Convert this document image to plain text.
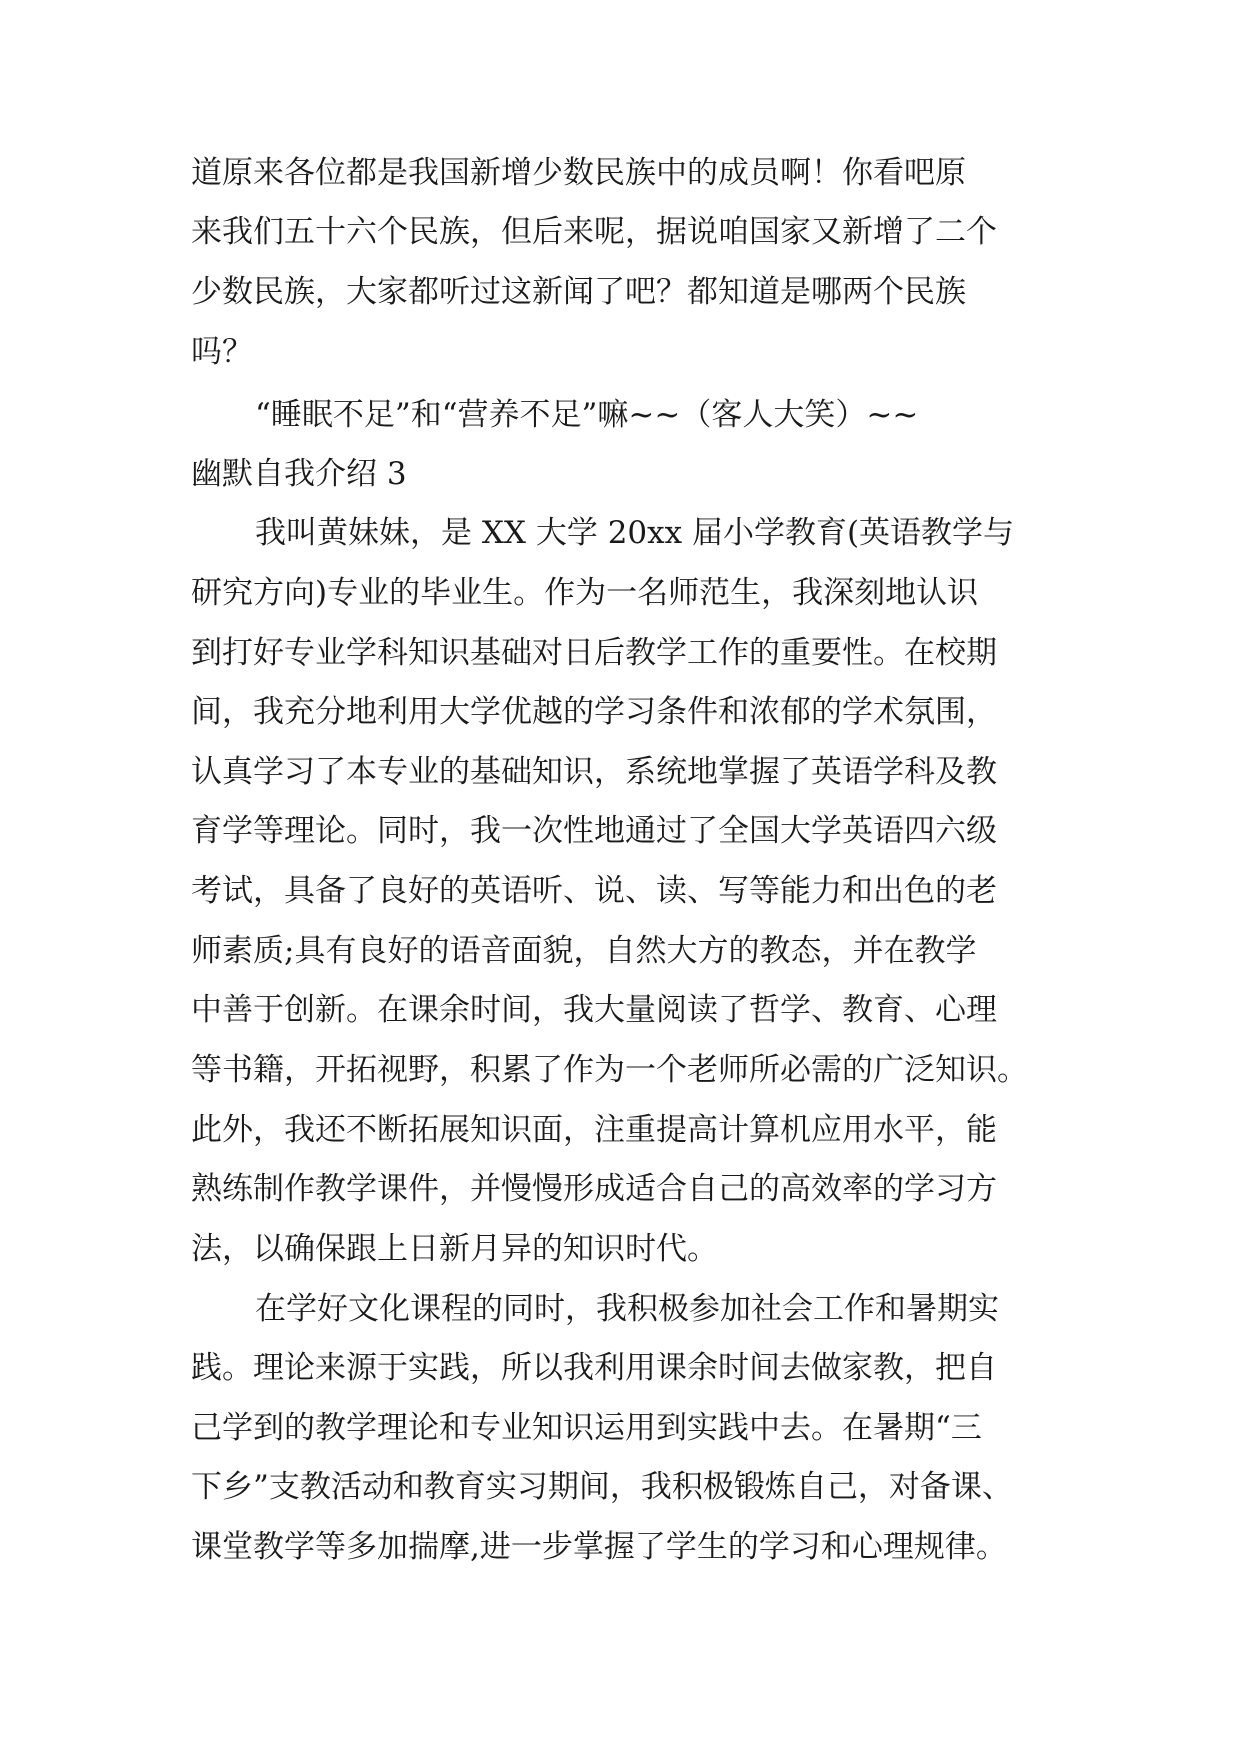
道原来各位都是我国新增少数民族中的成员啊！你看吧原
来我们五十六个民族，但后来呢，据说咱国家又新增了二个
少数民族，大家都听过这新闻了吧？都知道是哪两个民族
吗？
“睡眠不足”和“营养不足”嘛~~（客人大笑）~~
幽默自我介绍 3
我叫黄妹妹，是 XX 大学 20xx 届小学教育(英语教学与
研究方向)专业的毕业生。作为一名师范生，我深刻地认识
到打好专业学科知识基础对日后教学工作的重要性。在校期
间，我充分地利用大学优越的学习条件和浓郁的学术氛围，
认真学习了本专业的基础知识，系统地掌握了英语学科及教
育学等理论。同时，我一次性地通过了全国大学英语四六级
考试，具备了良好的英语听、说、读、写等能力和出色的老
师素质;具有良好的语音面貌，自然大方的教态，并在教学
中善于创新。在课余时间，我大量阅读了哲学、教育、心理
等书籍，开拓视野，积累了作为一个老师所必需的广泛知识。
此外，我还不断拓展知识面，注重提高计算机应用水平，能
熟练制作教学课件，并慢慢形成适合自己的高效率的学习方
法，以确保跟上日新月异的知识时代。
在学好文化课程的同时，我积极参加社会工作和暑期实
践。理论来源于实践，所以我利用课余时间去做家教，把自
己学到的教学理论和专业知识运用到实践中去。在暑期“三
下乡”支教活动和教育实习期间，我积极锻炼自己，对备课、
课堂教学等多加揣摩,进一步掌握了学生的学习和心理规律。
